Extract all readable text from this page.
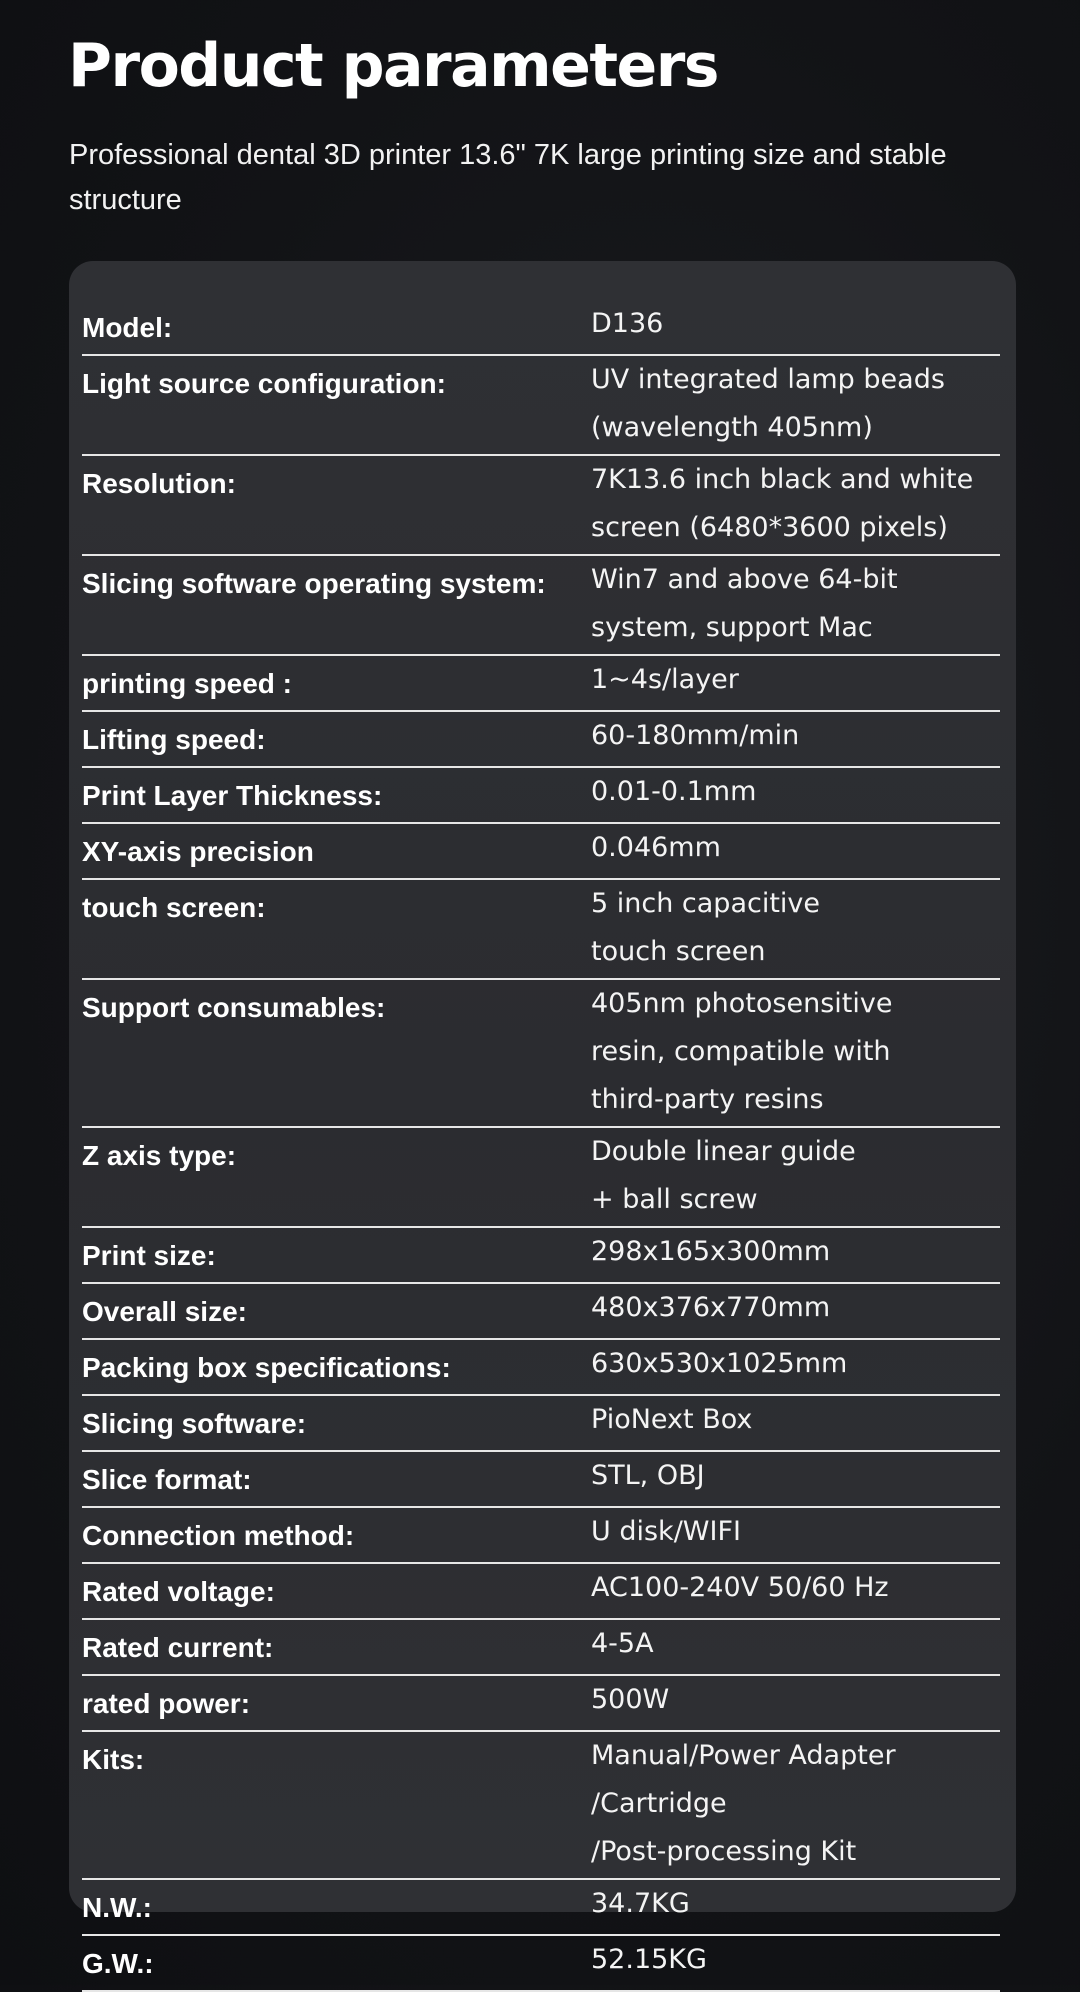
Product parameters

Professional dental 3D printer 13.6" 7K large printing size and stable structure

Model:	D136
Light source configuration:	UV integrated lamp beads
(wavelength 405nm)
Resolution:	7K13.6 inch black and white
screen (6480*3600 pixels)
Slicing software operating system:	Win7 and above 64-bit
system, support Mac
printing speed :	1~4s/layer
Lifting speed:	60-180mm/min
Print Layer Thickness:	0.01-0.1mm
XY-axis precision	0.046mm
touch screen:	5 inch capacitive
touch screen
Support consumables:	405nm photosensitive
resin, compatible with
third-party resins
Z axis type:	Double linear guide
+ ball screw
Print size:	298x165x300mm
Overall size:	480x376x770mm
Packing box specifications:	630x530x1025mm
Slicing software:	PioNext Box
Slice format:	STL, OBJ
Connection method:	U disk/WIFI
Rated voltage:	AC100-240V 50/60 Hz
Rated current:	4-5A
rated power:	500W
Kits:	Manual/Power Adapter
/Cartridge
/Post-processing Kit
N.W.:	34.7KG
G.W.:	52.15KG
